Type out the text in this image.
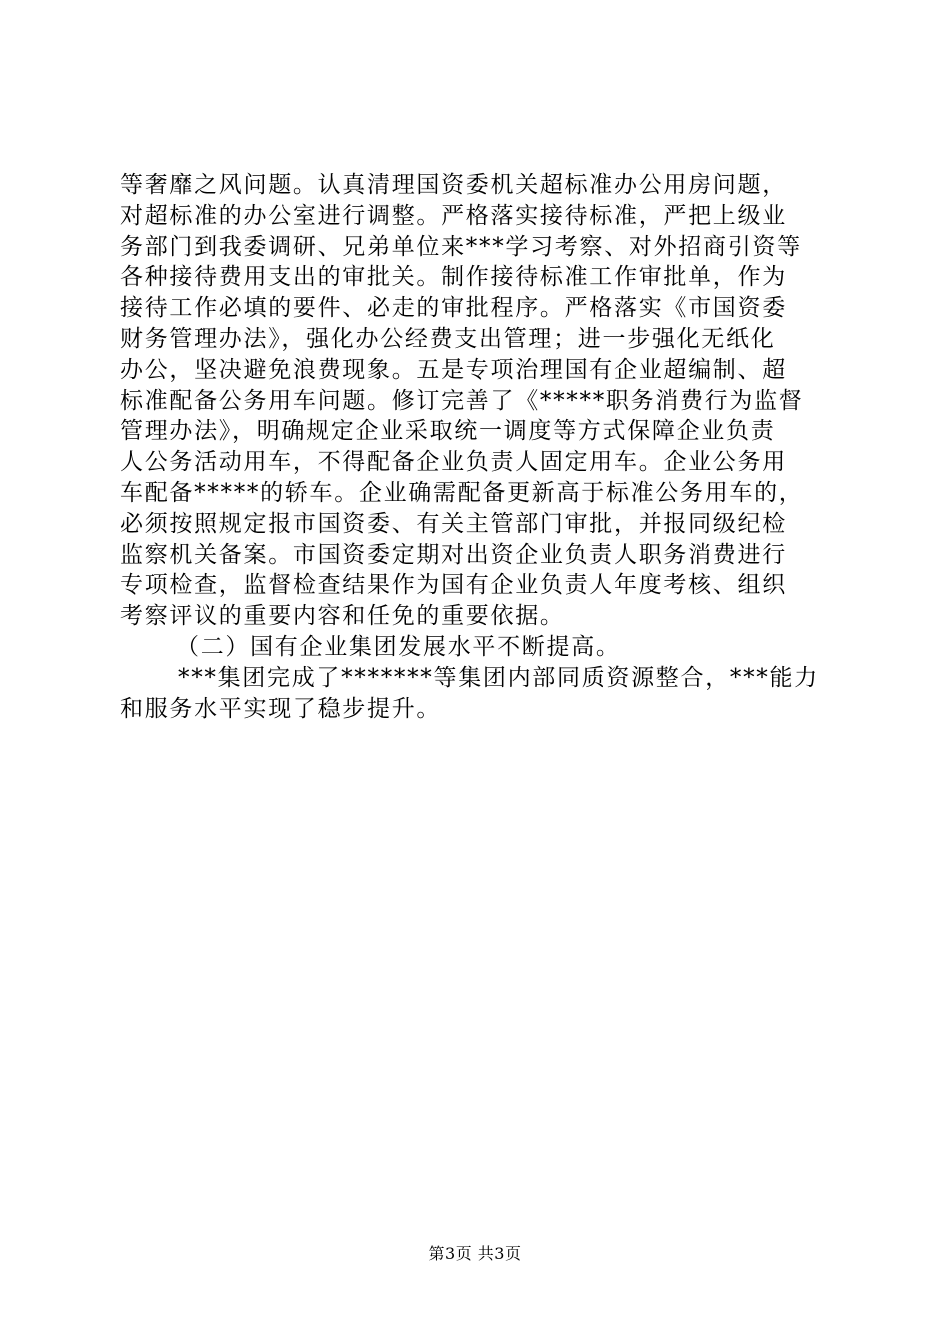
等奢靡之风问题。认真清理国资委机关超标准办公用房问题，
对超标准的办公室进行调整。严格落实接待标准，严把上级业
务部门到我委调研、兄弟单位来***学习考察、对外招商引资等
各种接待费用支出的审批关。制作接待标准工作审批单，作为
接待工作必填的要件、必走的审批程序。严格落实《市国资委
财务管理办法》，强化办公经费支出管理；进一步强化无纸化
办公，坚决避免浪费现象。五是专项治理国有企业超编制、超
标准配备公务用车问题。修订完善了《*****职务消费行为监督
管理办法》，明确规定企业采取统一调度等方式保障企业负责
人公务活动用车，不得配备企业负责人固定用车。企业公务用
车配备*****的轿车。企业确需配备更新高于标准公务用车的，
必须按照规定报市国资委、有关主管部门审批，并报同级纪检
监察机关备案。市国资委定期对出资企业负责人职务消费进行
专项检查，监督检查结果作为国有企业负责人年度考核、组织
考察评议的重要内容和任免的重要依据。
（二）国有企业集团发展水平不断提高。
***集团完成了*******等集团内部同质资源整合，***能力
和服务水平实现了稳步提升。
第3页 共3页
